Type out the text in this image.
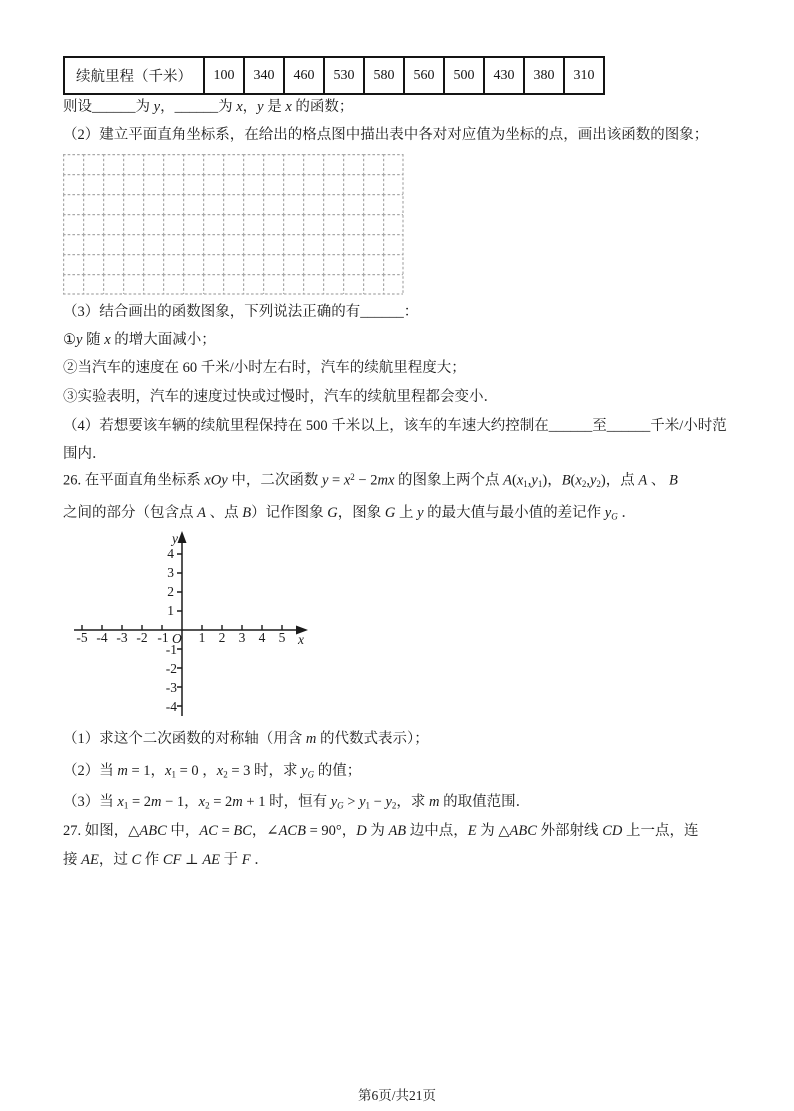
续航里程（千米）	100	340	460	530	580	560	500	430	380	310
则设______为 y，______为 x，y 是 x 的函数；
（2）建立平面直角坐标系，在给出的格点图中描出表中各对对应值为坐标的点，画出该函数的图象；
（3）结合画出的函数图象，下列说法正确的有______：
①y 随 x 的增大面减小；
②当汽车的速度在 60 千米/小时左右时，汽车的续航里程度大；
③实验表明，汽车的速度过快或过慢时，汽车的续航里程都会变小．
（4）若想要该车辆的续航里程保持在 500 千米以上，该车的车速大约控制在______至______千米/小时范
围内．
26. 在平面直角坐标系 xOy 中，二次函数 $y = x^2 - 2mx$ 的图象上两个点 A(x1,y1)，B(x2,y2)，点 A 、 B
之间的部分（包含点 A 、点 B）记作图象 G，图象 G 上 y 的最大值与最小值的差记作 yG ．
-5 -4 -3 -2 -1 O 1 2 3 4 5 x
4
3
2
1
-1
-2
-3
-4
y
（1）求这个二次函数的对称轴（用含 m 的代数式表示）；
（2）当 m = 1，x1 = 0 ，x2 = 3 时，求 yG 的值；
（3）当 x1 = 2m − 1，x2 = 2m + 1 时，恒有 yG > y1 − y2，求 m 的取值范围．
27. 如图，△ABC 中，AC = BC，∠ACB = 90°，D 为 AB 边中点，E 为 △ABC 外部射线 CD 上一点，连
接 AE，过 C 作 CF ⊥ AE 于 F ．
第6页/共21页
